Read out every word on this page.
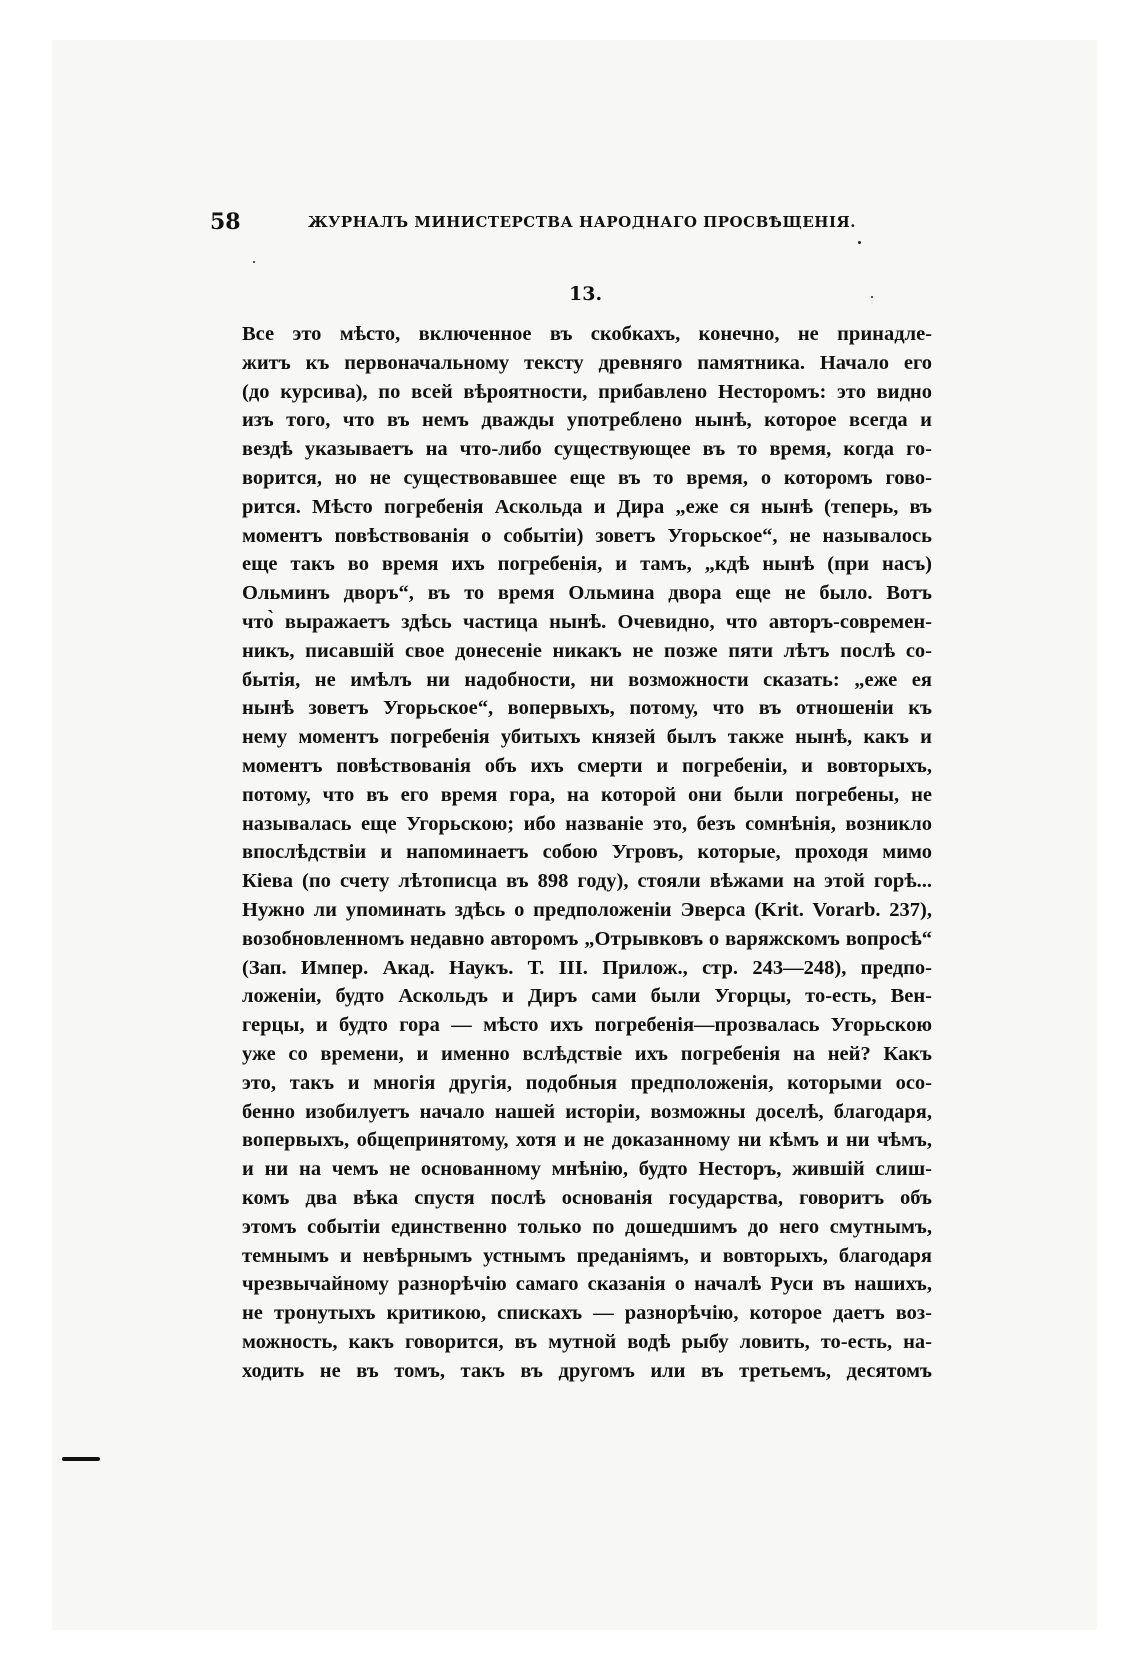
58	ЖУРНАЛЪ МИНИСТЕРСТВА НАРОДНАГО ПРОСВѢЩЕНІЯ.
13.
Все это мѣсто, включенное въ скобкахъ, конечно, не принадле-
житъ къ первоначальному тексту древняго памятника. Начало его
(до курсива), по всей вѣроятности, прибавлено Несторомъ: это видно
изъ того, что въ немъ дважды употреблено нынѣ, которое всегда и
вездѣ указываетъ на что-либо существующее въ то время, когда го-
ворится, но не существовавшее еще въ то время, о которомъ гово-
рится. Мѣсто погребенія Аскольда и Дира „еже ся нынѣ (теперь, въ
моментъ повѣствованія о событіи) зоветъ Угорьское“, не называлось
еще такъ во время ихъ погребенія, и тамъ, „кдѣ нынѣ (при насъ)
Ольминъ дворъ“, въ то время Ольмина двора еще не было. Вотъ
что̀ выражаетъ здѣсь частица нынѣ. Очевидно, что авторъ-современ-
никъ, писавшій свое донесеніе никакъ не позже пяти лѣтъ послѣ со-
бытія, не имѣлъ ни надобности, ни возможности сказать: „еже ея
нынѣ зоветъ Угорьское“, вопервыхъ, потому, что въ отношеніи къ
нему моментъ погребенія убитыхъ князей былъ также нынѣ, какъ и
моментъ повѣствованія объ ихъ смерти и погребеніи, и вовторыхъ,
потому, что въ его время гора, на которой они были погребены, не
называлась еще Угорьскою; ибо названіе это, безъ сомнѣнія, возникло
впослѣдствіи и напоминаетъ собою Угровъ, которые, проходя мимо
Кіева (по счету лѣтописца въ 898 году), стояли вѣжами на этой горѣ...
Нужно ли упоминать здѣсь о предположеніи Эверса (Krit. Vorarb. 237),
возобновленномъ недавно авторомъ „Отрывковъ о варяжскомъ вопросѣ“
(Зап. Импер. Акад. Наукъ. Т. III. Прилож., стр. 243—248), предпо-
ложеніи, будто Аскольдъ и Диръ сами были Угорцы, то-есть, Вен-
герцы, и будто гора — мѣсто ихъ погребенія—прозвалась Угорьскою
уже со времени, и именно вслѣдствіе ихъ погребенія на ней? Какъ
это, такъ и многія другія, подобныя предположенія, которыми осо-
бенно изобилуетъ начало нашей исторіи, возможны доселѣ, благодаря,
вопервыхъ, общепринятому, хотя и не доказанному ни кѣмъ и ни чѣмъ,
и ни на чемъ не основанному мнѣнію, будто Несторъ, жившій слиш-
комъ два вѣка спустя послѣ основанія государства, говоритъ объ
этомъ событіи единственно только по дошедшимъ до него смутнымъ,
темнымъ и невѣрнымъ устнымъ преданіямъ, и вовторыхъ, благодаря
чрезвычайному разнорѣчію самаго сказанія о началѣ Руси въ нашихъ,
не тронутыхъ критикою, спискахъ — разнорѣчію, которое даетъ воз-
можность, какъ говорится, въ мутной водѣ рыбу ловить, то-есть, на-
ходить не въ томъ, такъ въ другомъ или въ третьемъ, десятомъ
